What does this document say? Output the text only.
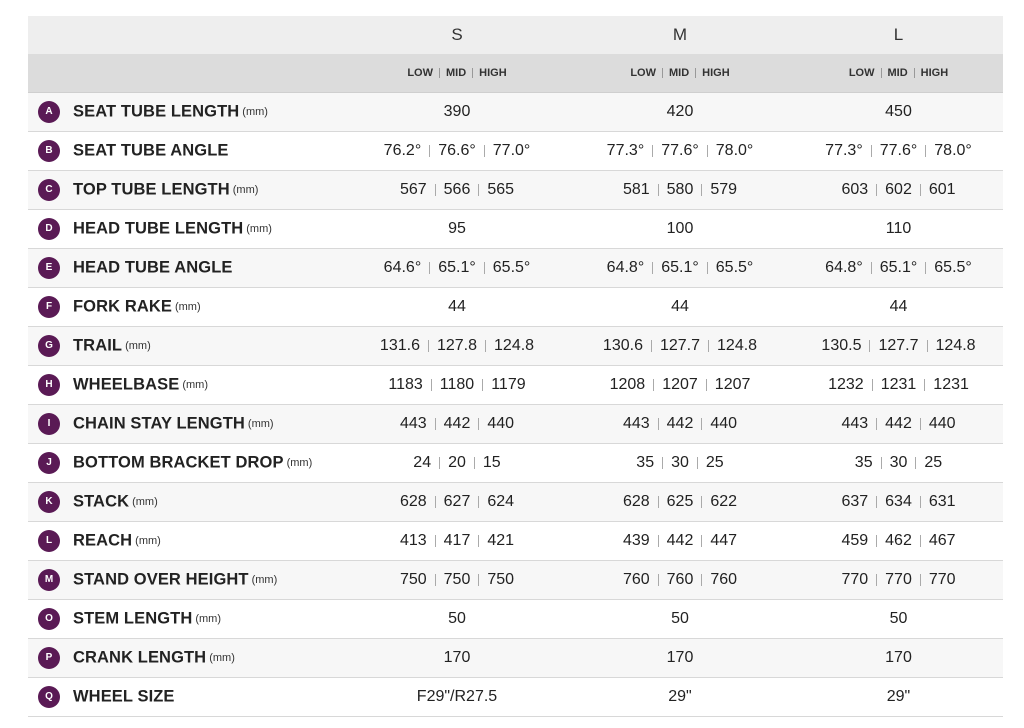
	S	M	L
	LOW MID HIGH	LOW MID HIGH	LOW MID HIGH
A SEAT TUBE LENGTH (mm)	390	420	450

B SEAT TUBE ANGLE	76.2° 76.6° 77.0°	77.3° 77.6° 78.0°	77.3° 77.6° 78.0°

C TOP TUBE LENGTH (mm)	567 566 565	581 580 579	603 602 601

D HEAD TUBE LENGTH (mm)	95	100	110

E HEAD TUBE ANGLE	64.6° 65.1° 65.5°	64.8° 65.1° 65.5°	64.8° 65.1° 65.5°

F FORK RAKE (mm)	44	44	44

G TRAIL (mm)	131.6 127.8 124.8	130.6 127.7 124.8	130.5 127.7 124.8

H WHEELBASE (mm)	1183 1180 1179	1208 1207 1207	1232 1231 1231

I CHAIN STAY LENGTH (mm)	443 442 440	443 442 440	443 442 440

J BOTTOM BRACKET DROP (mm)	24 20 15	35 30 25	35 30 25

K STACK (mm)	628 627 624	628 625 622	637 634 631

L REACH (mm)	413 417 421	439 442 447	459 462 467

M STAND OVER HEIGHT (mm)	750 750 750	760 760 760	770 770 770

O STEM LENGTH (mm)	50	50	50

P CRANK LENGTH (mm)	170	170	170

Q WHEEL SIZE	F29"/R27.5	29"	29"
